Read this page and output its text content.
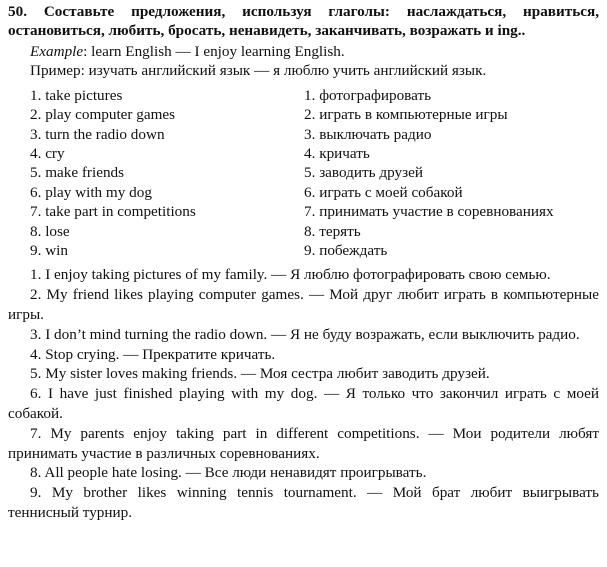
50. Составьте предложения, используя глаголы: наслаждаться, нравиться, остановиться, любить, бросать, ненавидеть, заканчивать, возражать и ing..
Example: learn English — I enjoy learning English.
Пример: изучать английский язык — я люблю учить английский язык.
1. take pictures	1. фотографировать
2. play computer games	2. играть в компьютерные игры
3. turn the radio down	3. выключать радио
4. cry	4. кричать
5. make friends	5. заводить друзей
6. play with my dog	6. играть с моей собакой
7. take part in competitions	7. принимать участие в соревнованиях
8. lose	8. терять
9. win	9. побеждать

1. I enjoy taking pictures of my family. — Я люблю фотографировать свою семью.

2. My friend likes playing computer games. — Мой друг любит играть в компьютерные игры.

3. I don’t mind turning the radio down. — Я не буду возражать, если выключить радио.

4. Stop crying. — Прекратите кричать.

5. My sister loves making friends. — Моя сестра любит заводить друзей.

6. I have just finished playing with my dog. — Я только что закончил играть с моей собакой.

7. My parents enjoy taking part in different competitions. — Мои родители любят принимать участие в различных соревнованиях.

8. All people hate losing. — Все люди ненавидят проигрывать.

9. My brother likes winning tennis tournament. — Мой брат любит выигрывать теннисный турнир.
